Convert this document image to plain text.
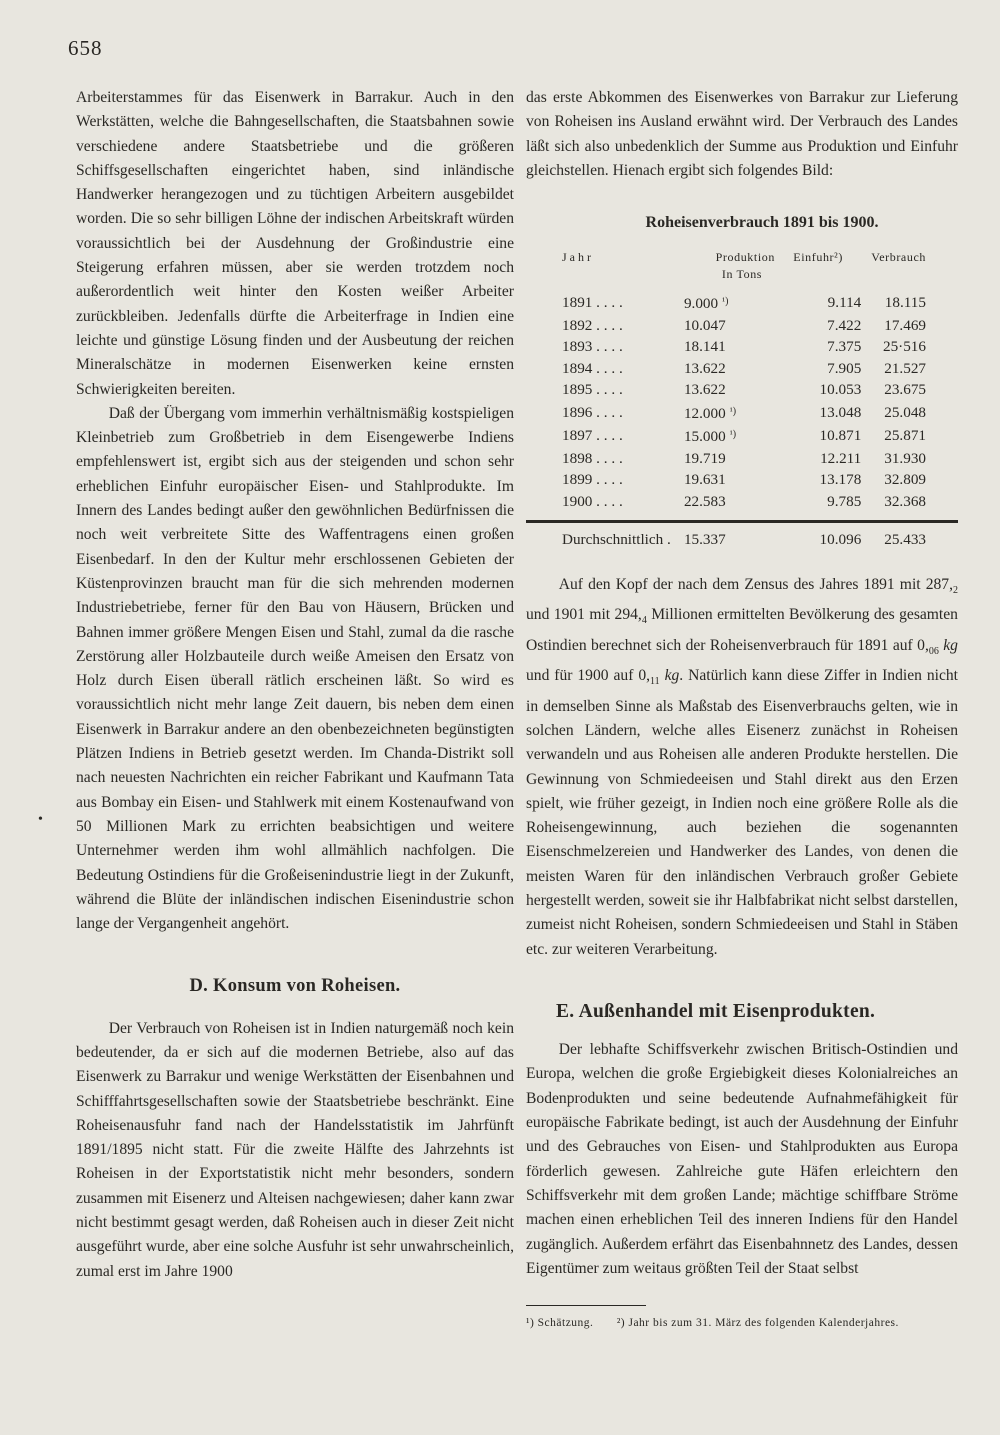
658
•

Arbeiterstammes für das Eisenwerk in Barrakur. Auch in den Werkstätten, welche die Bahngesellschaften, die Staatsbahnen sowie verschiedene andere Staatsbetriebe und die größeren Schiffsgesellschaften eingerichtet haben, sind inländische Handwerker herangezogen und zu tüchtigen Arbeitern ausgebildet worden. Die so sehr billigen Löhne der indischen Arbeitskraft würden voraussichtlich bei der Ausdehnung der Großindustrie eine Steigerung erfahren müssen, aber sie werden trotzdem noch außerordentlich weit hinter den Kosten weißer Arbeiter zurückbleiben. Jedenfalls dürfte die Arbeiterfrage in Indien eine leichte und günstige Lösung finden und der Ausbeutung der reichen Mineralschätze in modernen Eisenwerken keine ernsten Schwierigkeiten bereiten.

Daß der Übergang vom immerhin verhältnismäßig kostspieligen Kleinbetrieb zum Großbetrieb in dem Eisengewerbe Indiens empfehlenswert ist, ergibt sich aus der steigenden und schon sehr erheblichen Einfuhr europäischer Eisen- und Stahlprodukte. Im Innern des Landes bedingt außer den gewöhnlichen Bedürfnissen die noch weit verbreitete Sitte des Waffentragens einen großen Eisenbedarf. In den der Kultur mehr erschlossenen Gebieten der Küstenprovinzen braucht man für die sich mehrenden modernen Industriebetriebe, ferner für den Bau von Häusern, Brücken und Bahnen immer größere Mengen Eisen und Stahl, zumal da die rasche Zerstörung aller Holzbauteile durch weiße Ameisen den Ersatz von Holz durch Eisen überall rätlich erscheinen läßt. So wird es voraussichtlich nicht mehr lange Zeit dauern, bis neben dem einen Eisenwerk in Barrakur andere an den obenbezeichneten begünstigten Plätzen Indiens in Betrieb gesetzt werden. Im Chanda-Distrikt soll nach neuesten Nachrichten ein reicher Fabrikant und Kaufmann Tata aus Bombay ein Eisen- und Stahlwerk mit einem Kostenaufwand von 50 Millionen Mark zu errichten beabsichtigen und weitere Unternehmer werden ihm wohl allmählich nachfolgen. Die Bedeutung Ostindiens für die Großeisenindustrie liegt in der Zukunft, während die Blüte der inländischen indischen Eisenindustrie schon lange der Vergangenheit angehört.

D. Konsum von Roheisen.

Der Verbrauch von Roheisen ist in Indien naturgemäß noch kein bedeutender, da er sich auf die modernen Betriebe, also auf das Eisenwerk zu Barrakur und wenige Werkstätten der Eisenbahnen und Schifffahrtsgesellschaften sowie der Staatsbetriebe beschränkt. Eine Roheisenausfuhr fand nach der Handelsstatistik im Jahrfünft 1891/1895 nicht statt. Für die zweite Hälfte des Jahrzehnts ist Roheisen in der Exportstatistik nicht mehr besonders, sondern zusammen mit Eisenerz und Alteisen nachgewiesen; daher kann zwar nicht bestimmt gesagt werden, daß Roheisen auch in dieser Zeit nicht ausgeführt wurde, aber eine solche Ausfuhr ist sehr unwahrscheinlich, zumal erst im Jahre 1900

das erste Abkommen des Eisenwerkes von Barrakur zur Lieferung von Roheisen ins Ausland erwähnt wird. Der Verbrauch des Landes läßt sich also unbedenklich der Summe aus Produktion und Einfuhr gleichstellen. Hienach ergibt sich folgendes Bild:

Roheisenverbrauch 1891 bis 1900.
Jahr	Produktion	Einfuhr²)	Verbrauch
In Tons			
1891 . . . .	9.000 $^{^1)}$	9.114	18.115
1892 . . . .	10.047	7.422	17.469
1893 . . . .	18.141	7.375	25·516
1894 . . . .	13.622	7.905	21.527
1895 . . . .	13.622	10.053	23.675
1896 . . . .	12.000 $^{^1)}$	13.048	25.048
1897 . . . .	15.000 $^{^1)}$	10.871	25.871
1898 . . . .	19.719	12.211	31.930
1899 . . . .	19.631	13.178	32.809
1900 . . . .	22.583	9.785	32.368
Durchschnittlich .	15.337	10.096	25.433

Auf den Kopf der nach dem Zensus des Jahres 1891 mit $287,_2$ und 1901 mit $294,_4$ Millionen ermittelten Bevölkerung des gesamten Ostindien berechnet sich der Roheisenverbrauch für 1891 auf $0,_{06}$ kg und für 1900 auf $0,_{11}$ kg. Natürlich kann diese Ziffer in Indien nicht in demselben Sinne als Maßstab des Eisenverbrauchs gelten, wie in solchen Ländern, welche alles Eisenerz zunächst in Roheisen verwandeln und aus Roheisen alle anderen Produkte herstellen. Die Gewinnung von Schmiedeeisen und Stahl direkt aus den Erzen spielt, wie früher gezeigt, in Indien noch eine größere Rolle als die Roheisengewinnung, auch beziehen die sogenannten Eisenschmelzereien und Handwerker des Landes, von denen die meisten Waren für den inländischen Verbrauch großer Gebiete hergestellt werden, soweit sie ihr Halbfabrikat nicht selbst darstellen, zumeist nicht Roheisen, sondern Schmiedeeisen und Stahl in Stäben etc. zur weiteren Verarbeitung.

E. Außenhandel mit Eisenprodukten.

Der lebhafte Schiffsverkehr zwischen Britisch-Ostindien und Europa, welchen die große Ergiebigkeit dieses Kolonialreiches an Bodenprodukten und seine bedeutende Aufnahmefähigkeit für europäische Fabrikate bedingt, ist auch der Ausdehnung der Einfuhr und des Gebrauches von Eisen- und Stahlprodukten aus Europa förderlich gewesen. Zahlreiche gute Häfen erleichtern den Schiffsverkehr mit dem großen Lande; mächtige schiffbare Ströme machen einen erheblichen Teil des inneren Indiens für den Handel zugänglich. Außerdem erfährt das Eisenbahnnetz des Landes, dessen Eigentümer zum weitaus größten Teil der Staat selbst

¹) Schätzung. ²) Jahr bis zum 31. März des folgenden Kalenderjahres.
